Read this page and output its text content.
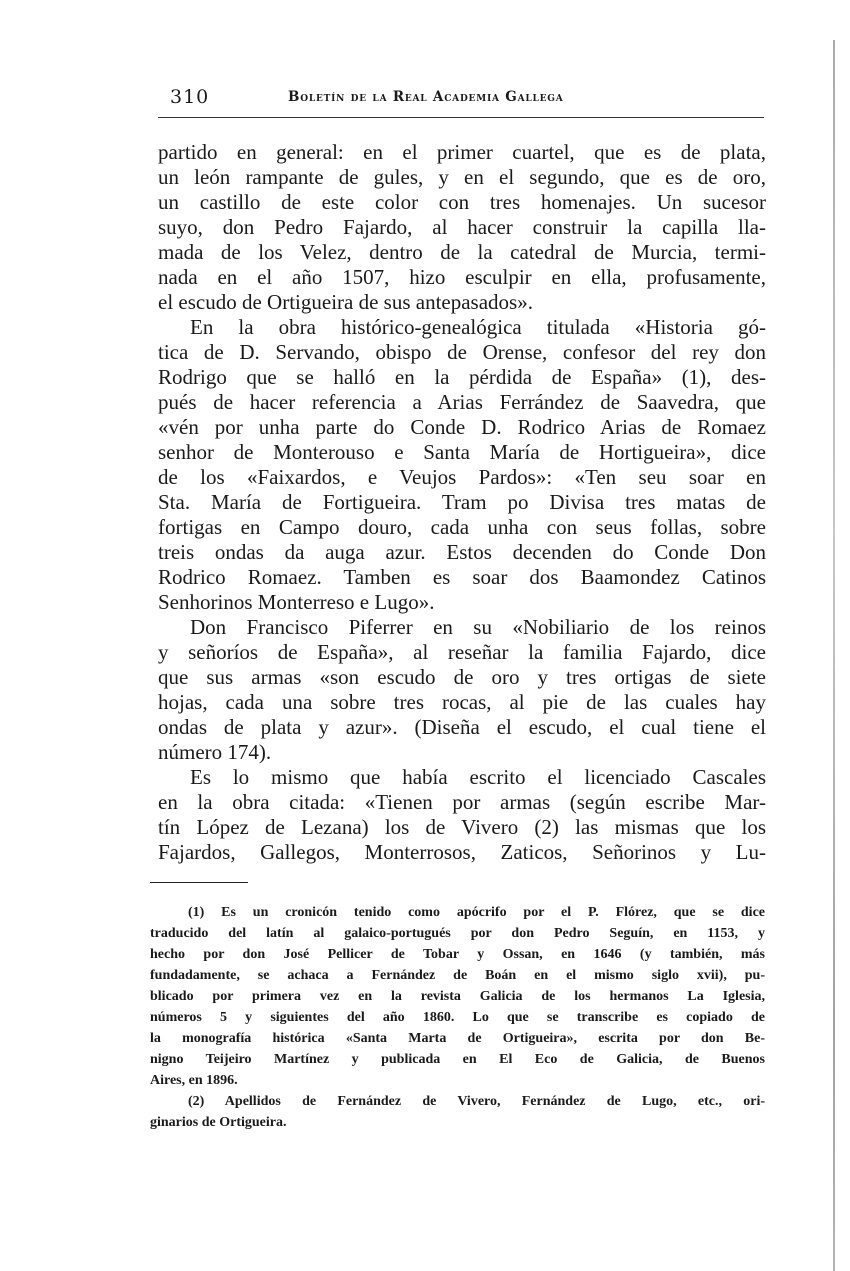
310	Boletín de la Real Academia Gallega
partido en general: en el primer cuartel, que es de plata,
un león rampante de gules, y en el segundo, que es de oro,
un castillo de este color con tres homenajes. Un sucesor
suyo, don Pedro Fajardo, al hacer construir la capilla lla-
mada de los Velez, dentro de la catedral de Murcia, termi-
nada en el año 1507, hizo esculpir en ella, profusamente,
el escudo de Ortigueira de sus antepasados».
En la obra histórico-genealógica titulada «Historia gó-
tica de D. Servando, obispo de Orense, confesor del rey don
Rodrigo que se halló en la pérdida de España» (1), des-
pués de hacer referencia a Arias Ferrández de Saavedra, que
«vén por unha parte do Conde D. Rodrico Arias de Romaez
senhor de Monterouso e Santa María de Hortigueira», dice
de los «Faixardos, e Veujos Pardos»: «Ten seu soar en
Sta. María de Fortigueira. Tram po Divisa tres matas de
fortigas en Campo douro, cada unha con seus follas, sobre
treis ondas da auga azur. Estos decenden do Conde Don
Rodrico Romaez. Tamben es soar dos Baamondez Catinos
Senhorinos Monterreso e Lugo».
Don Francisco Piferrer en su «Nobiliario de los reinos
y señoríos de España», al reseñar la familia Fajardo, dice
que sus armas «son escudo de oro y tres ortigas de siete
hojas, cada una sobre tres rocas, al pie de las cuales hay
ondas de plata y azur». (Diseña el escudo, el cual tiene el
número 174).
Es lo mismo que había escrito el licenciado Cascales
en la obra citada: «Tienen por armas (según escribe Mar-
tín López de Lezana) los de Vivero (2) las mismas que los
Fajardos, Gallegos, Monterrosos, Zaticos, Señorinos y Lu-
(1) Es un cronicón tenido como apócrifo por el P. Flórez, que se dice
traducido del latín al galaico-portugués por don Pedro Seguín, en 1153, y
hecho por don José Pellicer de Tobar y Ossan, en 1646 (y también, más
fundadamente, se achaca a Fernández de Boán en el mismo siglo xvii), pu-
blicado por primera vez en la revista Galicia de los hermanos La Iglesia,
números 5 y siguientes del año 1860. Lo que se transcribe es copiado de
la monografía histórica «Santa Marta de Ortigueira», escrita por don Be-
nigno Teijeiro Martínez y publicada en El Eco de Galicia, de Buenos
Aires, en 1896.
(2) Apellidos de Fernández de Vivero, Fernández de Lugo, etc., ori-
ginarios de Ortigueira.
